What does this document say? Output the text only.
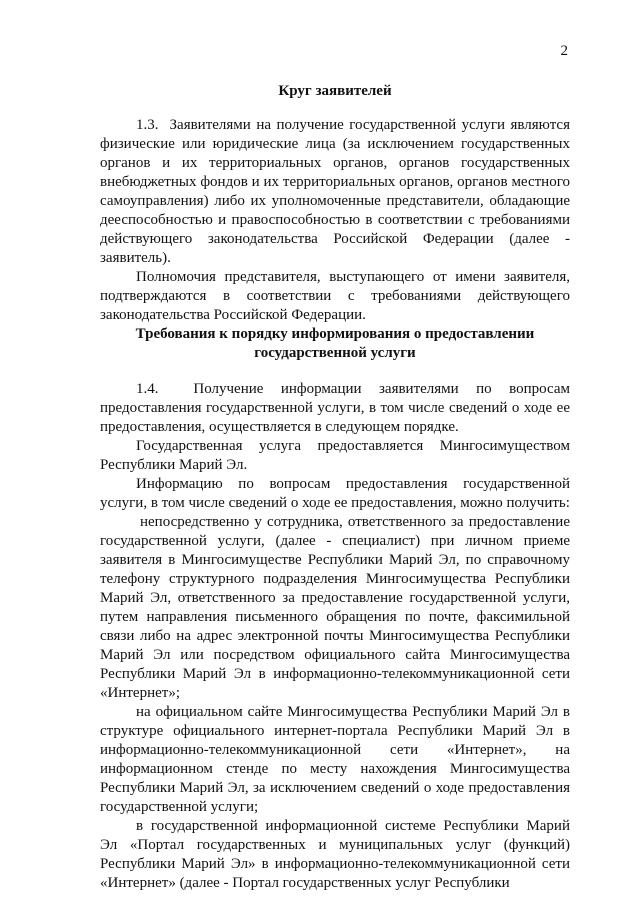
2
Круг заявителей

1.3.  Заявителями на получение государственной услуги являются физические или юридические лица (за исключением государственных органов и их территориальных органов, органов государственных внебюджетных фондов и их территориальных органов, органов местного самоуправления) либо их уполномоченные представители, обладающие дееспособностью и правоспособностью в соответствии с требованиями действующего законодательства Российской Федерации (далее - заявитель).

Полномочия представителя, выступающего от имени заявителя, подтверждаются в соответствии с требованиями действующего законодательства Российской Федерации.

Требования к порядку информирования о предоставлении
государственной услуги

1.4.  Получение информации заявителями по вопросам предоставления государственной услуги, в том числе сведений о ходе ее предоставления, осуществляется в следующем порядке.

Государственная услуга предоставляется Мингосимуществом Республики Марий Эл.

Информацию по вопросам предоставления государственной услуги, в том числе сведений о ходе ее предоставления, можно получить:

непосредственно у сотрудника, ответственного за предоставление государственной услуги, (далее - специалист) при личном приеме заявителя в Мингосимуществе Республики Марий Эл, по справочному телефону структурного подразделения Мингосимущества Республики Марий Эл, ответственного за предоставление государственной услуги, путем направления письменного обращения по почте, факсимильной связи либо на адрес электронной почты Мингосимущества Республики Марий Эл или посредством официального сайта Мингосимущества Республики Марий Эл в информационно-телекоммуникационной сети «Интернет»;

на официальном сайте Мингосимущества Республики Марий Эл в структуре официального интернет-портала Республики Марий Эл в информационно-телекоммуникационной сети «Интернет», на информационном стенде по месту нахождения Мингосимущества Республики Марий Эл, за исключением сведений о ходе предоставления государственной услуги;

в государственной информационной системе Республики Марий Эл «Портал государственных и муниципальных услуг (функций) Республики Марий Эл» в информационно-телекоммуникационной сети «Интернет» (далее - Портал государственных услуг Республики
